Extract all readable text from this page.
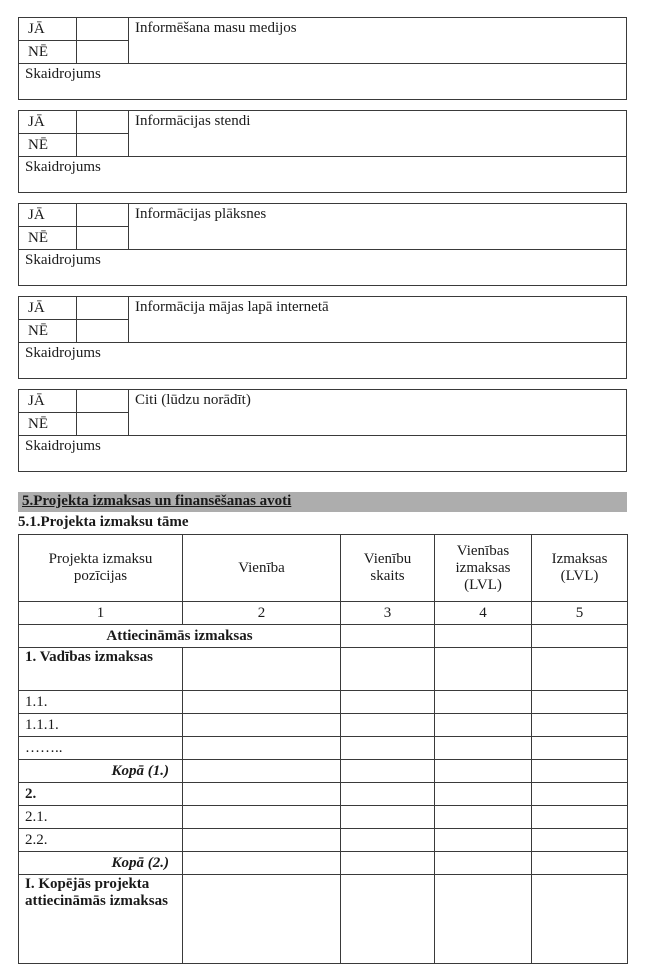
JĀ		Informēšana masu medijos
NĒ		
Skaidrojums		
JĀ		Informācijas stendi
NĒ		
Skaidrojums		
JĀ		Informācijas plāksnes
NĒ		
Skaidrojums		
JĀ		Informācija mājas lapā internetā
NĒ		
Skaidrojums		
JĀ		Citi (lūdzu norādīt)
NĒ		
Skaidrojums		
5.Projekta izmaksas un finansēšanas avoti
5.1.Projekta izmaksu tāme
Projekta izmaksu pozīcijas	Vienība	Vienību skaits	Vienības izmaksas (LVL)	Izmaksas (LVL)
1	2	3	4	5
Attiecināmās izmaksas				
1. Vadības izmaksas				
1.1.				
1.1.1.				
……..				
Kopā (1.)				
2.				
2.1.				
2.2.				
Kopā (2.)				
I. Kopējās projekta attiecināmās izmaksas				
